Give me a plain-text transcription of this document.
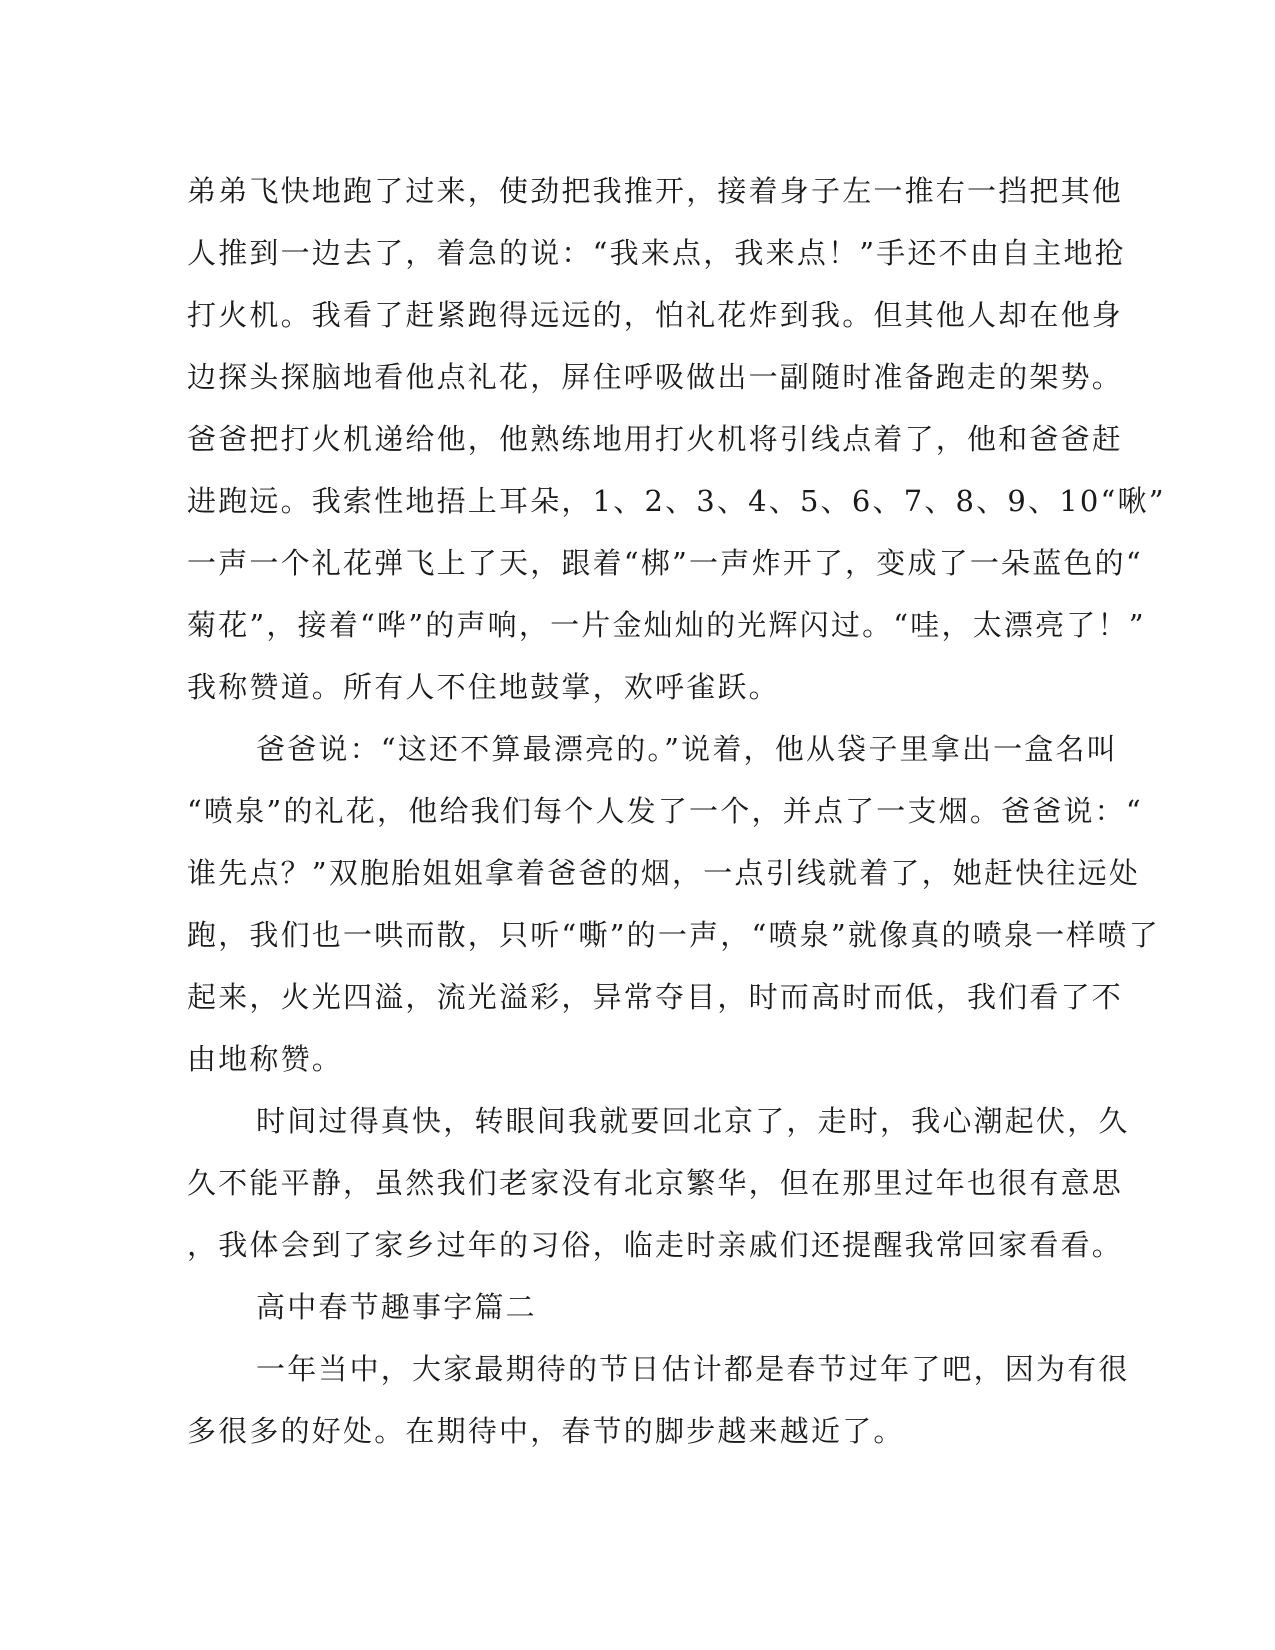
弟弟飞快地跑了过来，使劲把我推开，接着身子左一推右一挡把其他
人推到一边去了，着急的说：“我来点，我来点！”手还不由自主地抢
打火机。我看了赶紧跑得远远的，怕礼花炸到我。但其他人却在他身
边探头探脑地看他点礼花，屏住呼吸做出一副随时准备跑走的架势。
爸爸把打火机递给他，他熟练地用打火机将引线点着了，他和爸爸赶
进跑远。我索性地捂上耳朵，1、2、3、4、5、6、7、8、9、10“啾”
一声一个礼花弹飞上了天，跟着“梆”一声炸开了，变成了一朵蓝色的“
菊花”，接着“哗”的声响，一片金灿灿的光辉闪过。“哇，太漂亮了！”
我称赞道。所有人不住地鼓掌，欢呼雀跃。
爸爸说：“这还不算最漂亮的。”说着，他从袋子里拿出一盒名叫
“喷泉”的礼花，他给我们每个人发了一个，并点了一支烟。爸爸说：“
谁先点？”双胞胎姐姐拿着爸爸的烟，一点引线就着了，她赶快往远处
跑，我们也一哄而散，只听“嘶”的一声，“喷泉”就像真的喷泉一样喷了
起来，火光四溢，流光溢彩，异常夺目，时而高时而低，我们看了不
由地称赞。
时间过得真快，转眼间我就要回北京了，走时，我心潮起伏，久
久不能平静，虽然我们老家没有北京繁华，但在那里过年也很有意思
，我体会到了家乡过年的习俗，临走时亲戚们还提醒我常回家看看。
高中春节趣事字篇二
一年当中，大家最期待的节日估计都是春节过年了吧，因为有很
多很多的好处。在期待中，春节的脚步越来越近了。
